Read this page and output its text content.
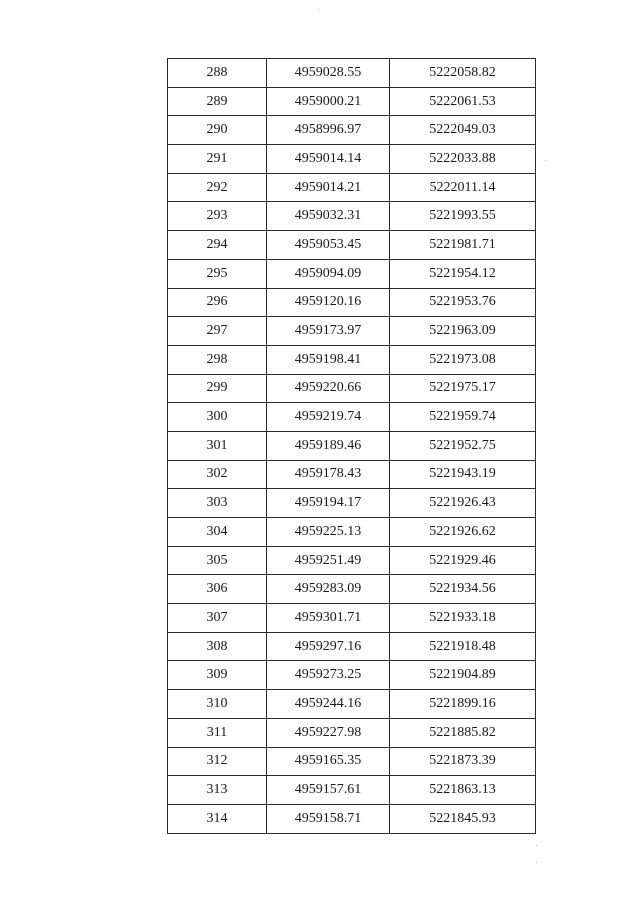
288	4959028.55	5222058.82
289	4959000.21	5222061.53
290	4958996.97	5222049.03
291	4959014.14	5222033.88
292	4959014.21	5222011.14
293	4959032.31	5221993.55
294	4959053.45	5221981.71
295	4959094.09	5221954.12
296	4959120.16	5221953.76
297	4959173.97	5221963.09
298	4959198.41	5221973.08
299	4959220.66	5221975.17
300	4959219.74	5221959.74
301	4959189.46	5221952.75
302	4959178.43	5221943.19
303	4959194.17	5221926.43
304	4959225.13	5221926.62
305	4959251.49	5221929.46
306	4959283.09	5221934.56
307	4959301.71	5221933.18
308	4959297.16	5221918.48
309	4959273.25	5221904.89
310	4959244.16	5221899.16
311	4959227.98	5221885.82
312	4959165.35	5221873.39
313	4959157.61	5221863.13
314	4959158.71	5221845.93
